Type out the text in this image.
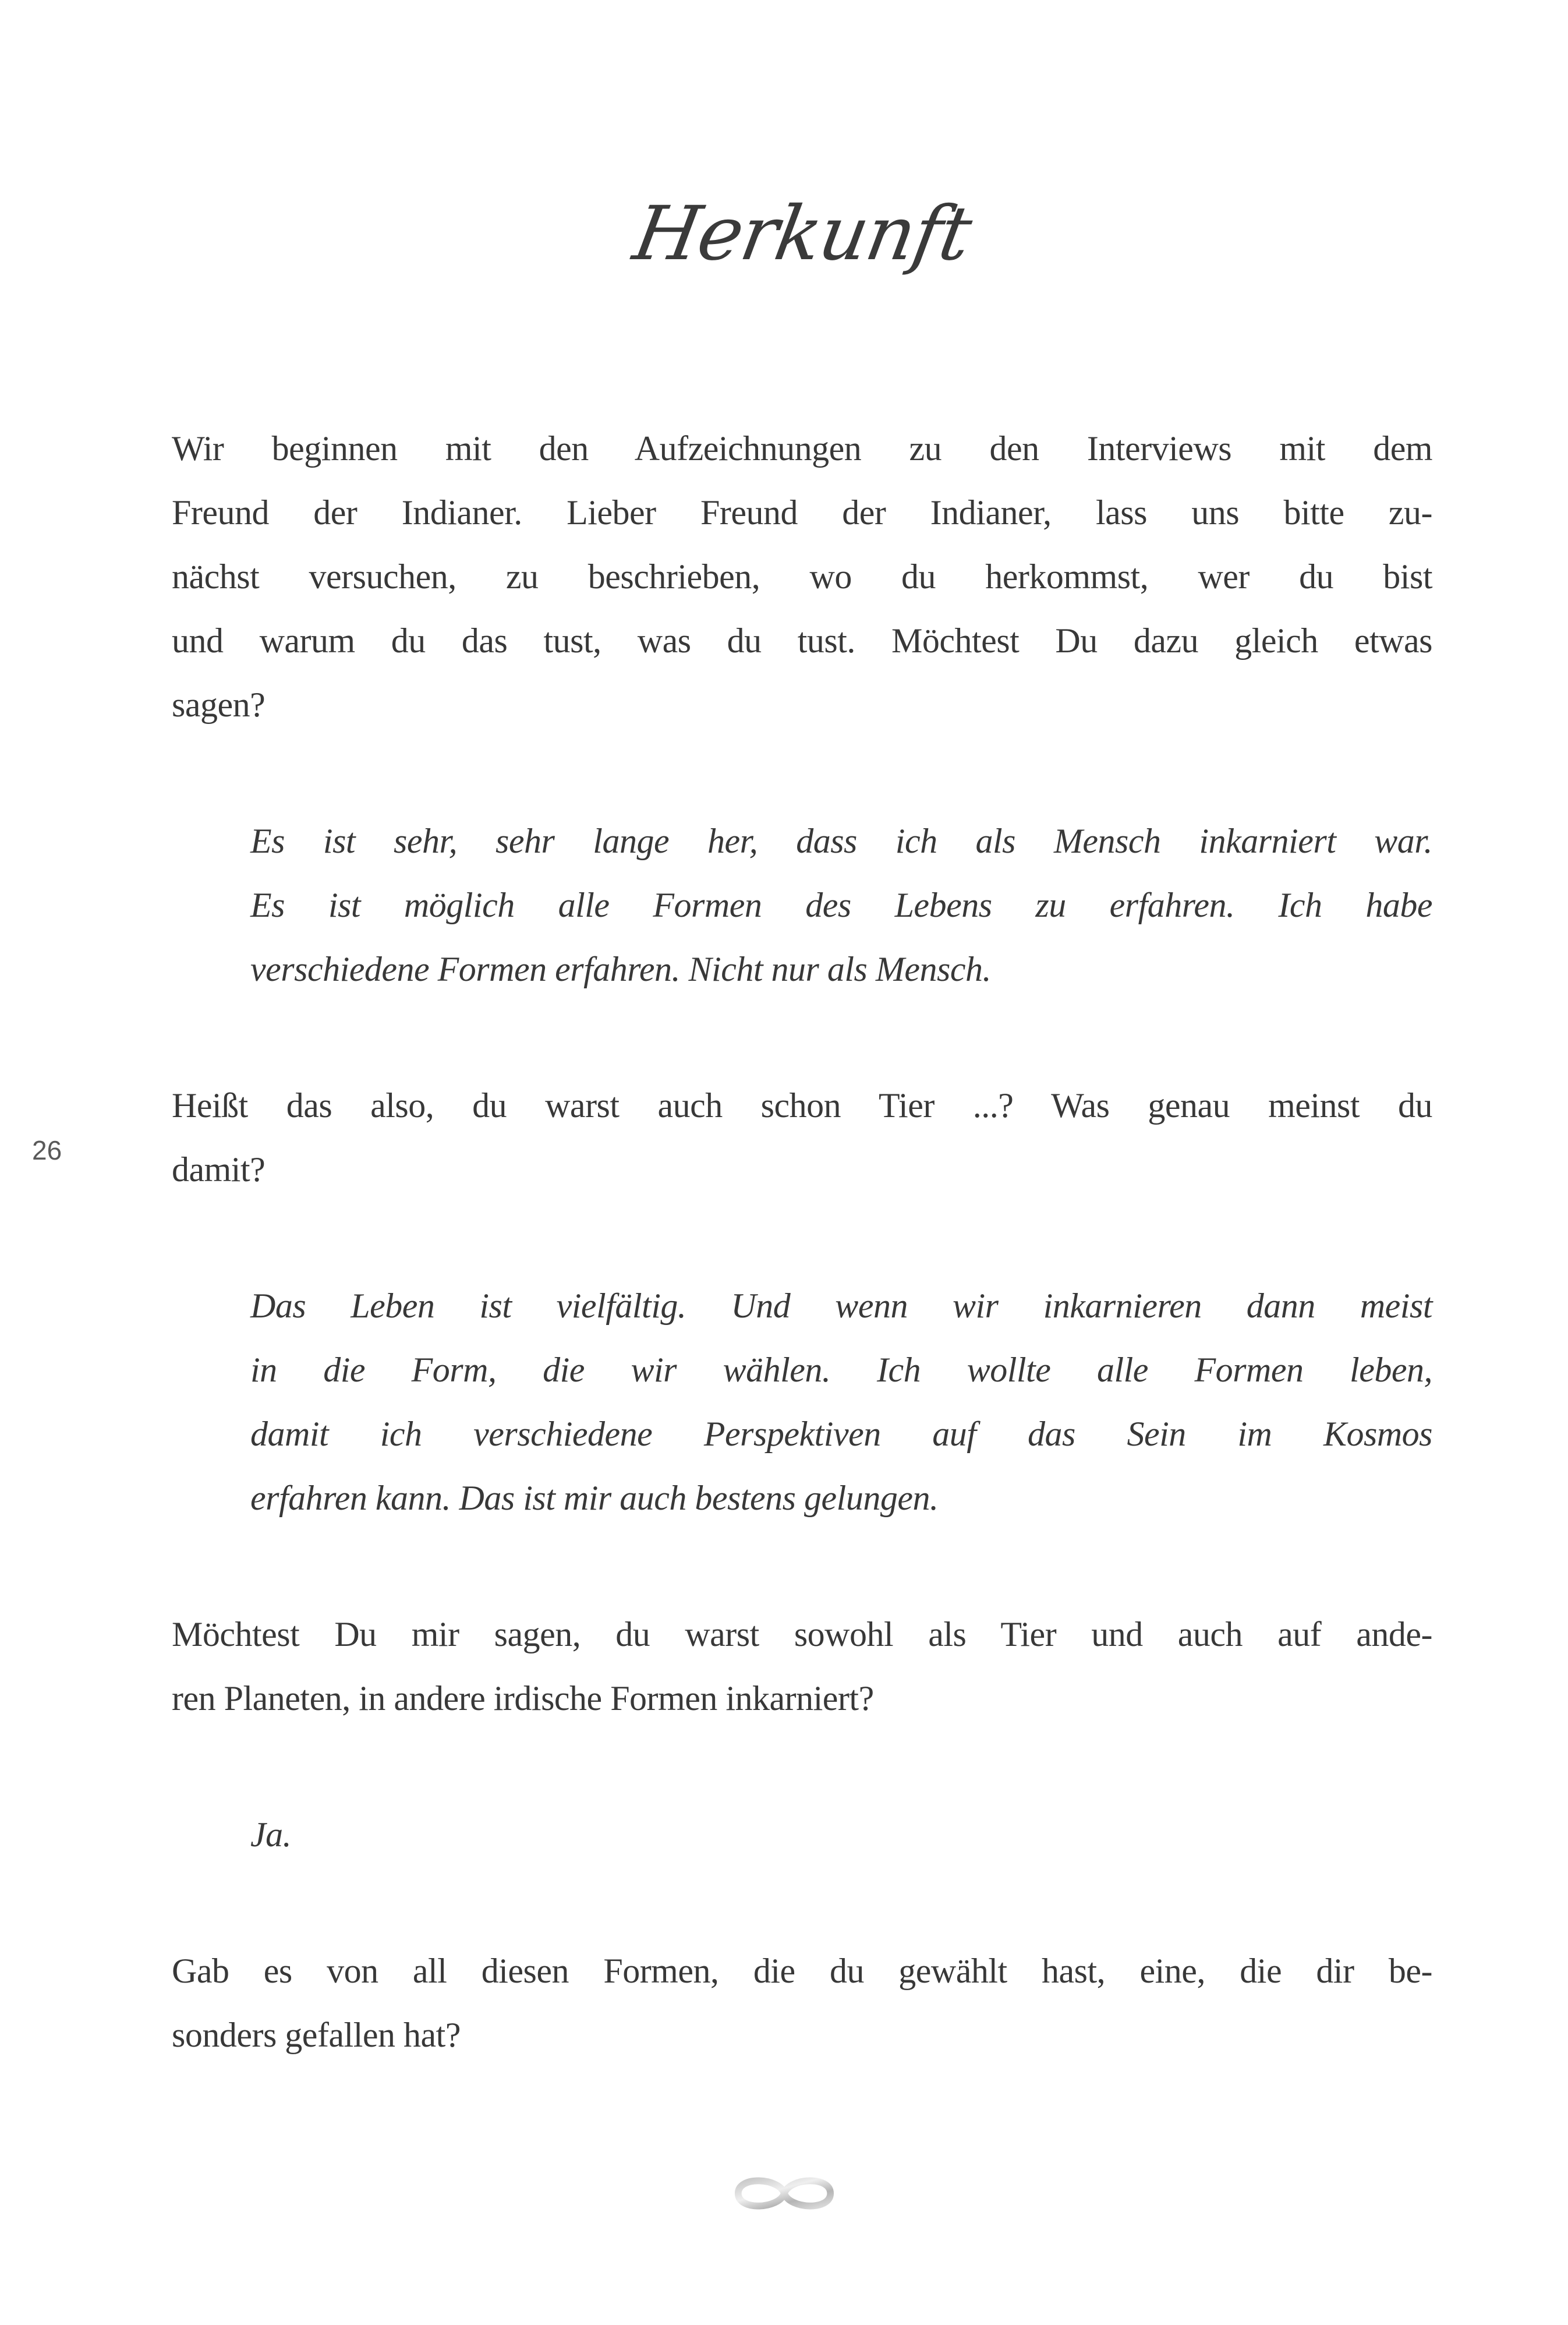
Herkunft
26
Wir beginnen mit den Aufzeichnungen zu den Interviews mit dem
Freund der Indianer. Lieber Freund der Indianer, lass uns bitte zu-
nächst versuchen, zu beschrieben, wo du herkommst, wer du bist
und warum du das tust, was du tust. Möchtest Du dazu gleich etwas
sagen?
Es ist sehr, sehr lange her, dass ich als Mensch inkarniert war.
Es ist möglich alle Formen des Lebens zu erfahren. Ich habe
verschiedene Formen erfahren. Nicht nur als Mensch.
Heißt das also, du warst auch schon Tier ...? Was genau meinst du
damit?
Das Leben ist vielfältig. Und wenn wir inkarnieren dann meist
in die Form, die wir wählen. Ich wollte alle Formen leben,
damit ich verschiedene Perspektiven auf das Sein im Kosmos
erfahren kann. Das ist mir auch bestens gelungen.
Möchtest Du mir sagen, du warst sowohl als Tier und auch auf ande-
ren Planeten, in andere irdische Formen inkarniert?
Ja.
Gab es von all diesen Formen, die du gewählt hast, eine, die dir be-
sonders gefallen hat?
